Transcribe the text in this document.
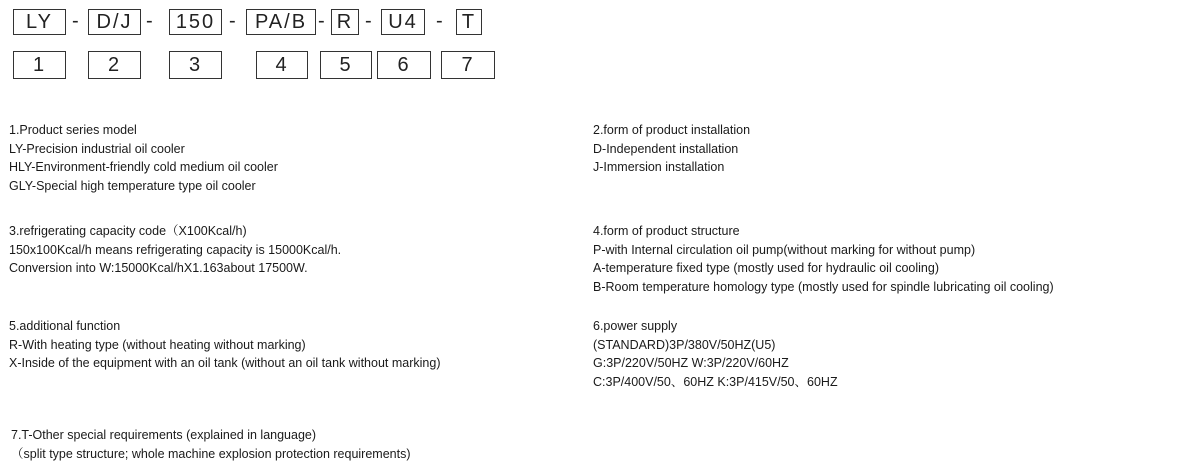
LY - D/J -	150 - PA/B - R - U4 - T
1	2	3	4	5	6	7
1.Product series model
LY-Precision industrial oil cooler
HLY-Environment-friendly cold medium oil cooler
GLY-Special high temperature type oil cooler
2.form of product installation
D-Independent installation
J-Immersion installation
3.refrigerating capacity code（X100Kcal/h)
150x100Kcal/h means refrigerating capacity is 15000Kcal/h.
Conversion into W:15000Kcal/hX1.163about 17500W.
4.form of product structure
P-with Internal circulation oil pump(without marking for without pump)
A-temperature fixed type (mostly used for hydraulic oil cooling)
B-Room temperature homology type (mostly used for spindle lubricating oil cooling)
5.additional function
R-With heating type (without heating without marking)
X-Inside of the equipment with an oil tank (without an oil tank without marking)
6.power supply
(STANDARD)3P/380V/50HZ(U5)
G:3P/220V/50HZ W:3P/220V/60HZ
C:3P/400V/50、60HZ K:3P/415V/50、60HZ
7.T-Other special requirements (explained in language)
（split type structure; whole machine explosion protection requirements)
